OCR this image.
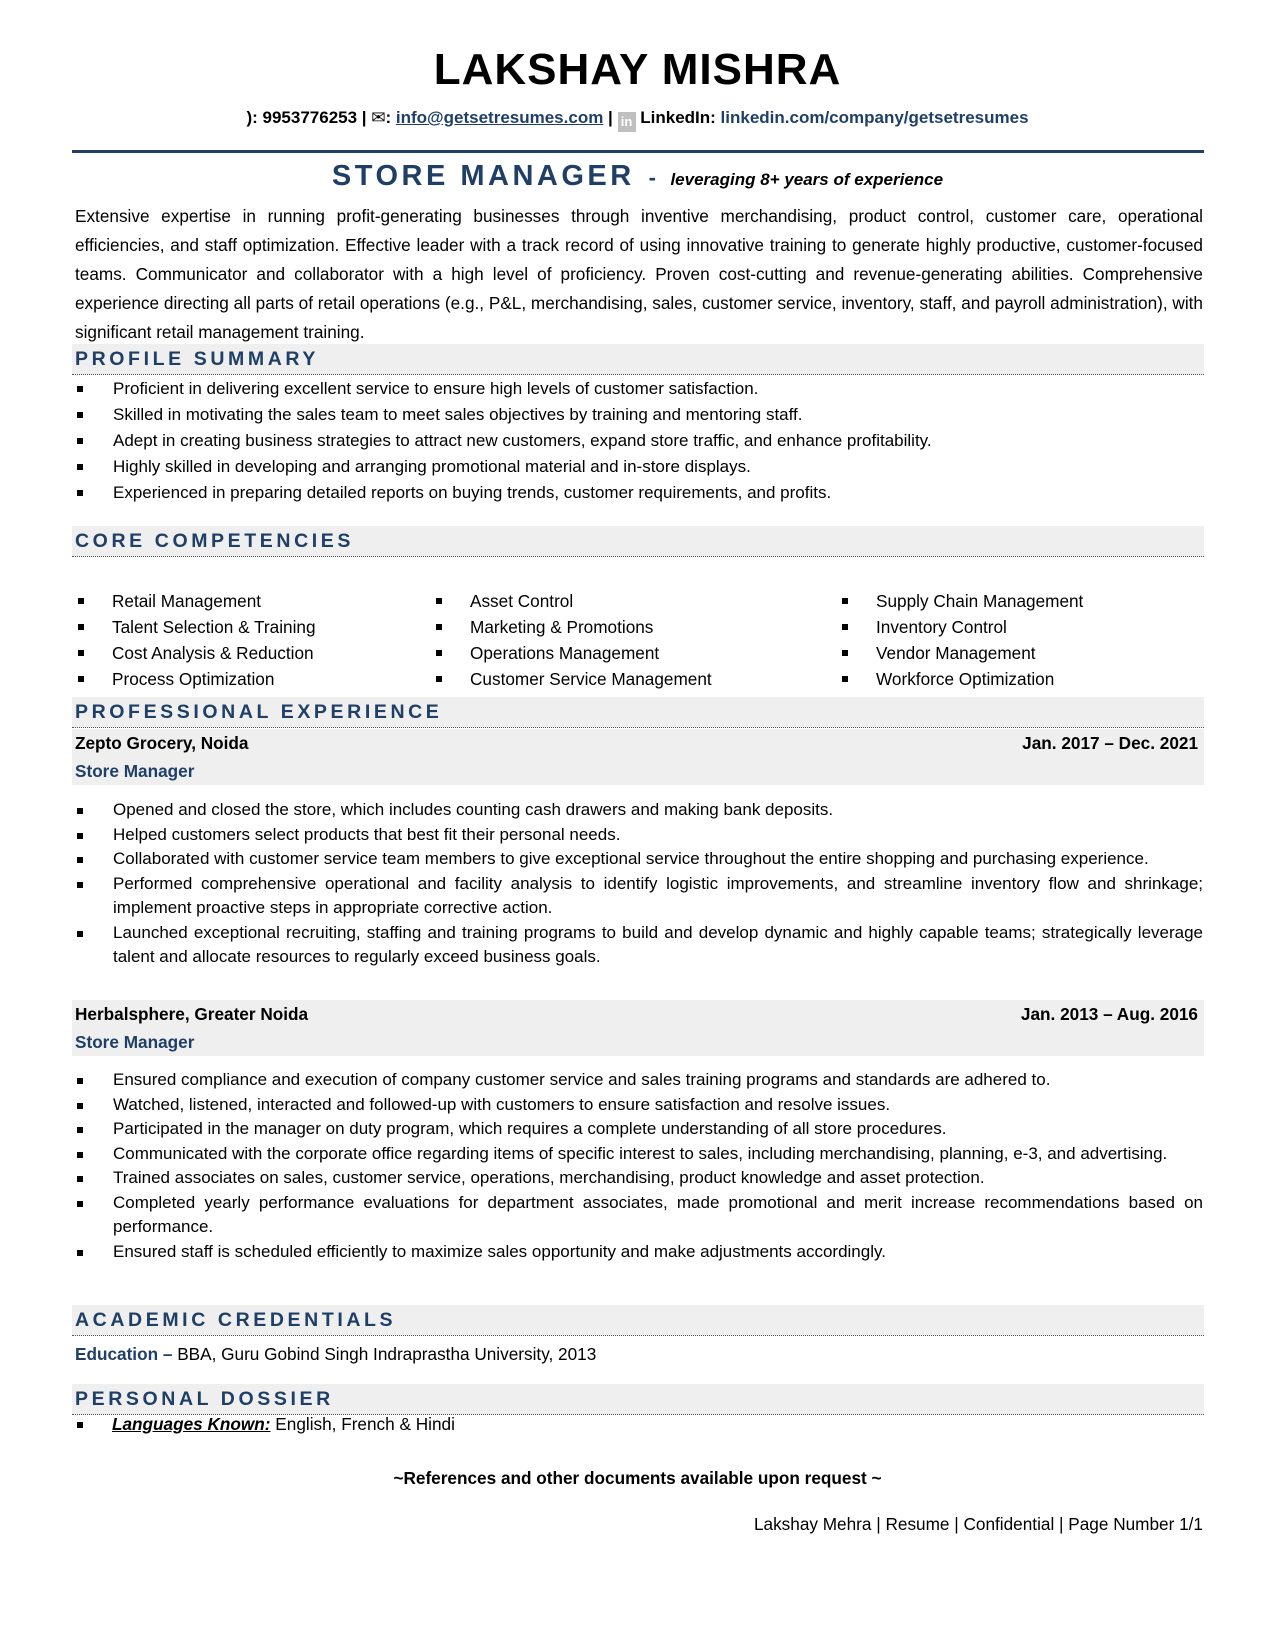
LAKSHAY MISHRA
): 9953776253 | ✉: info@getsetresumes.com | in LinkedIn: linkedin.com/company/getsetresumes
STORE MANAGER - leveraging 8+ years of experience

Extensive expertise in running profit-generating businesses through inventive merchandising, product control, customer care, operational efficiencies, and staff optimization. Effective leader with a track record of using innovative training to generate highly productive, customer-focused teams. Communicator and collaborator with a high level of proficiency. Proven cost-cutting and revenue-generating abilities. Comprehensive experience directing all parts of retail operations (e.g., P&L, merchandising, sales, customer service, inventory, staff, and payroll administration), with significant retail management training.

PROFILE SUMMARY
Proficient in delivering excellent service to ensure high levels of customer satisfaction.
Skilled in motivating the sales team to meet sales objectives by training and mentoring staff.
Adept in creating business strategies to attract new customers, expand store traffic, and enhance profitability.
Highly skilled in developing and arranging promotional material and in-store displays.
Experienced in preparing detailed reports on buying trends, customer requirements, and profits.
CORE COMPETENCIES
Retail Management
Talent Selection & Training
Cost Analysis & Reduction
Process Optimization
Asset Control
Marketing & Promotions
Operations Management
Customer Service Management
Supply Chain Management
Inventory Control
Vendor Management
Workforce Optimization
PROFESSIONAL EXPERIENCE
Zepto Grocery, Noida	Jan. 2017 – Dec. 2021
Store Manager
Opened and closed the store, which includes counting cash drawers and making bank deposits.
Helped customers select products that best fit their personal needs.
Collaborated with customer service team members to give exceptional service throughout the entire shopping and purchasing experience.
Performed comprehensive operational and facility analysis to identify logistic improvements, and streamline inventory flow and shrinkage; implement proactive steps in appropriate corrective action.
Launched exceptional recruiting, staffing and training programs to build and develop dynamic and highly capable teams; strategically leverage talent and allocate resources to regularly exceed business goals.
Herbalsphere, Greater Noida	Jan. 2013 – Aug. 2016
Store Manager
Ensured compliance and execution of company customer service and sales training programs and standards are adhered to.
Watched, listened, interacted and followed-up with customers to ensure satisfaction and resolve issues.
Participated in the manager on duty program, which requires a complete understanding of all store procedures.
Communicated with the corporate office regarding items of specific interest to sales, including merchandising, planning, e-3, and advertising.
Trained associates on sales, customer service, operations, merchandising, product knowledge and asset protection.
Completed yearly performance evaluations for department associates, made promotional and merit increase recommendations based on performance.
Ensured staff is scheduled efficiently to maximize sales opportunity and make adjustments accordingly.
ACADEMIC CREDENTIALS
Education – BBA, Guru Gobind Singh Indraprastha University, 2013
PERSONAL DOSSIER
Languages Known: English, French & Hindi
~References and other documents available upon request ~
Lakshay Mehra | Resume | Confidential | Page Number 1/1
